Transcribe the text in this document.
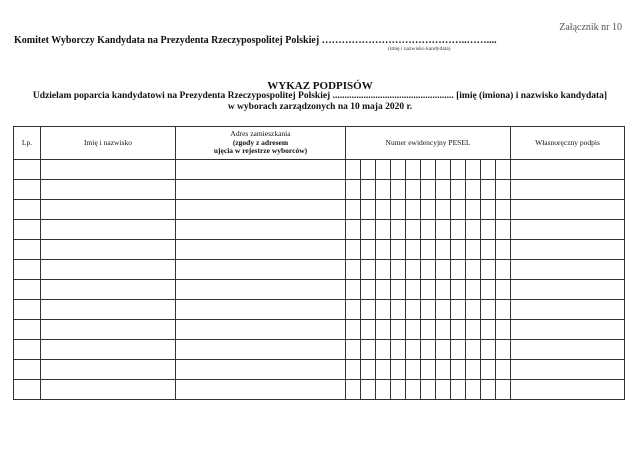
Załącznik nr 10
Komitet Wyborczy Kandydata na Prezydenta Rzeczypospolitej Polskiej ……………………………………..……....
(imię i nazwisko kandydata)
WYKAZ PODPISÓW
Udzielam poparcia kandydatowi na Prezydenta Rzeczypospolitej Polskiej ................................................... [imię (imiona) i nazwisko kandydata]
w wyborach zarządzonych na 10 maja 2020 r.
Lp.	Imię i nazwisko	Adres zamieszkania
(zgody z adresem
ujęcia w rejestrze wyborców)	Numer ewidencyjny PESEL											Własnoręczny podpis
